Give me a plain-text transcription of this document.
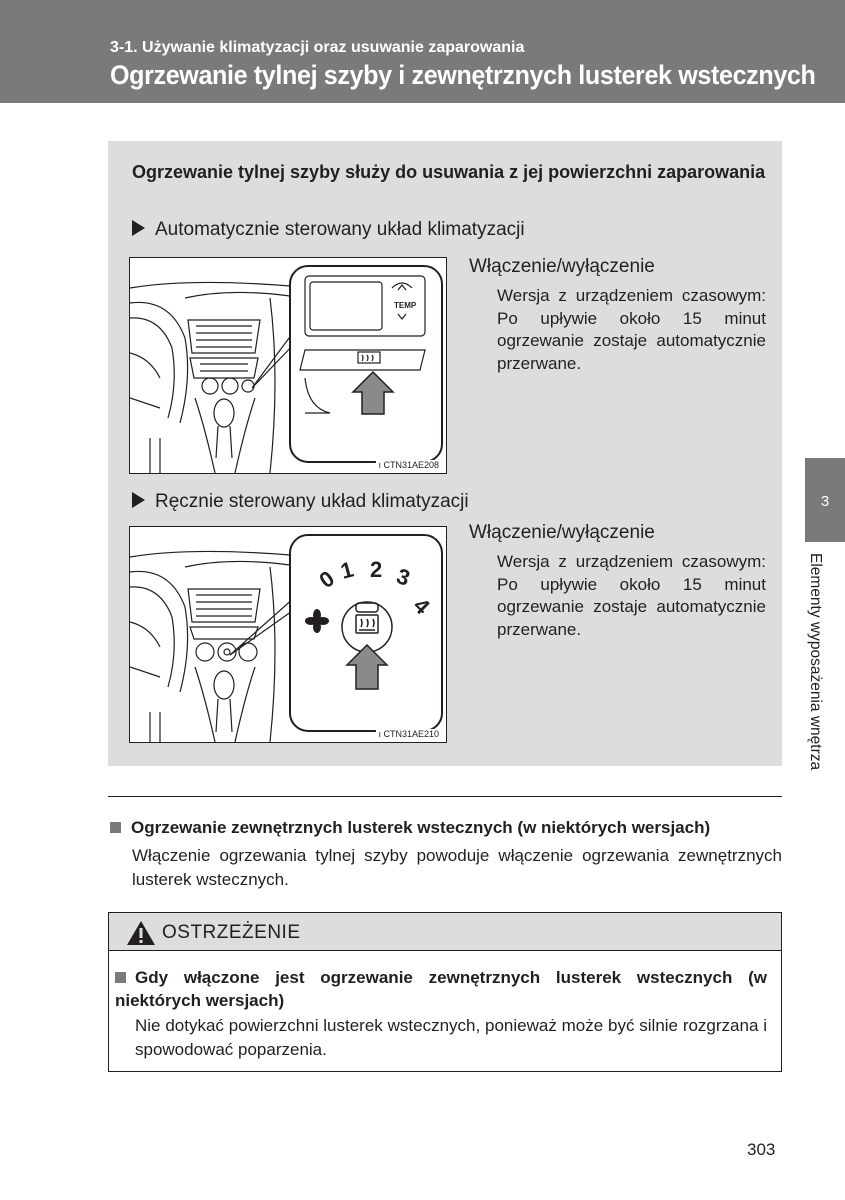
3-1. Używanie klimatyzacji oraz usuwanie zaparowania
Ogrzewanie tylnej szyby i zewnętrznych lusterek wstecznych
Ogrzewanie tylnej szyby służy do usuwania z jej powierzchni zaparowania
Automatycznie sterowany układ klimatyzacji
TEMP
ı CTN31AE208
Włączenie/wyłączenie
Wersja z urządzeniem czasowym: Po upływie około 15 minut ogrzewanie zostaje automatycznie przerwane.
Ręcznie sterowany układ klimatyzacji
0
1 2 3
4
ı CTN31AE210
Włączenie/wyłączenie
Wersja z urządzeniem czasowym: Po upływie około 15 minut ogrzewanie zostaje automatycznie przerwane.
Ogrzewanie zewnętrznych lusterek wstecznych (w niektórych wersjach)
Włączenie ogrzewania tylnej szyby powoduje włączenie ogrzewania zewnętrznych lusterek wstecznych.
OSTRZEŻENIE
Gdy włączone jest ogrzewanie zewnętrznych lusterek wstecznych (w niektórych wersjach)
Nie dotykać powierzchni lusterek wstecznych, ponieważ może być silnie rozgrzana i spowodować poparzenia.
3
Elementy wyposażenia wnętrza
303
